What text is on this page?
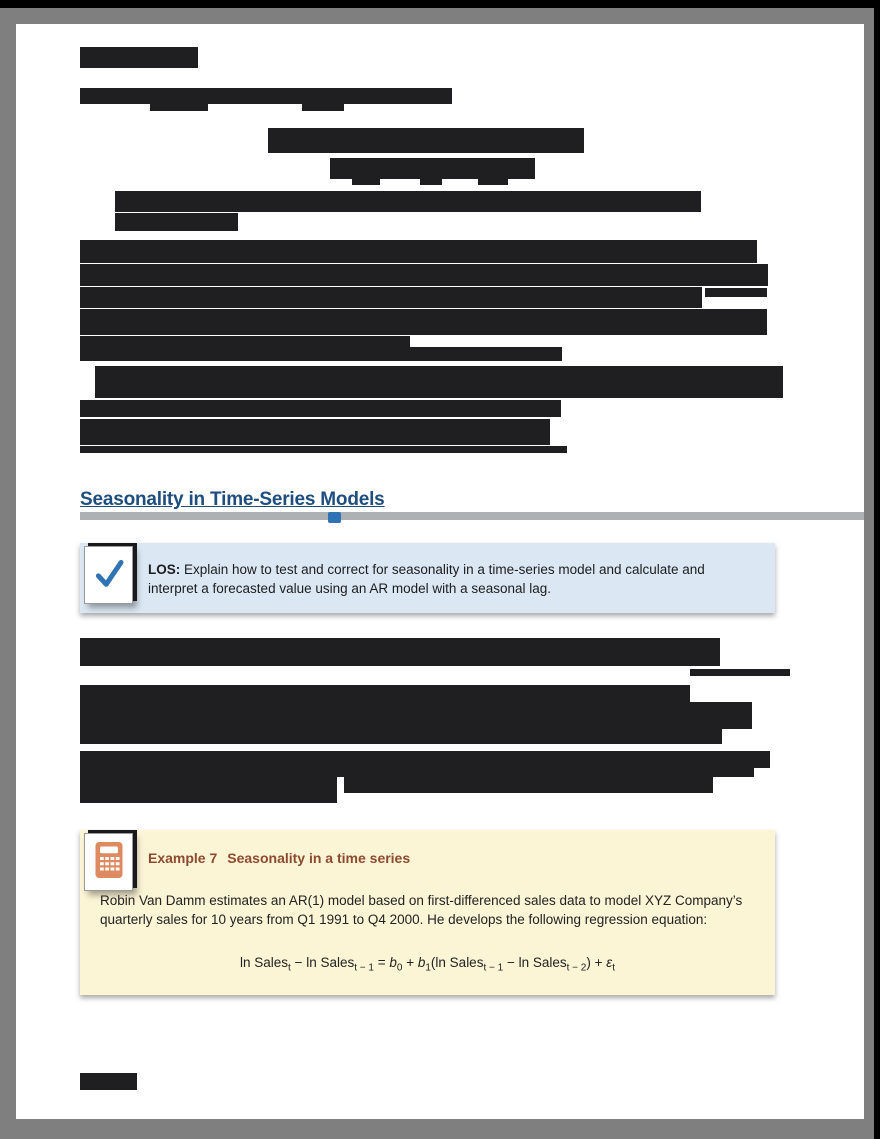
Seasonality in Time-Series Models
LOS: Explain how to test and correct for seasonality in a time-series model and calculate and interpret a forecasted value using an AR model with a seasonal lag.
Example 7 Seasonality in a time series
Robin Van Damm estimates an AR(1) model based on first-differenced sales data to model XYZ Company’s quarterly sales for 10 years from Q1 1991 to Q4 2000. He develops the following regression equation:
ln Sales$_t$ − ln Sales$_{t - 1}$ = $b_0 + b_1(\ln$ Sales$_{t - 1}$ − ln Sales$_{t - 2}$) + $\varepsilon_t$
